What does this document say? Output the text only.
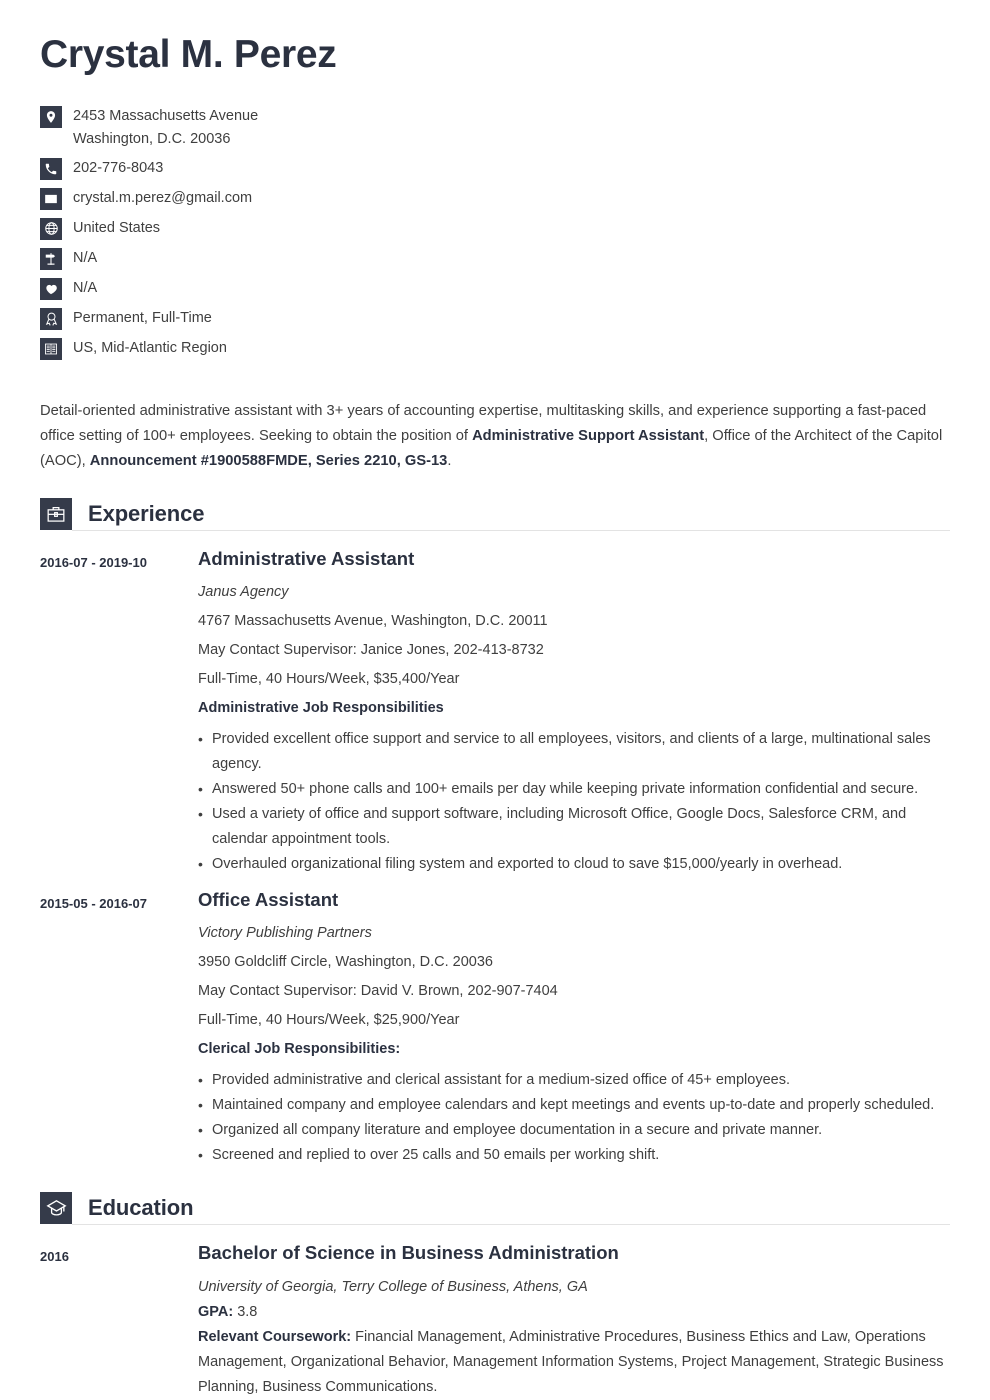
Crystal M. Perez
2453 Massachusetts Avenue
Washington, D.C. 20036
202-776-8043
crystal.m.perez@gmail.com
United States
N/A
N/A
Permanent, Full-Time
US, Mid-Atlantic Region

Detail-oriented administrative assistant with 3+ years of accounting expertise, multitasking skills, and experience supporting a fast-paced office setting of 100+ employees. Seeking to obtain the position of Administrative Support Assistant, Office of the Architect of the Capitol (AOC), Announcement #1900588FMDE, Series 2210, GS-13.

Experience
2016-07 - 2019-10	Administrative Assistant
Janus Agency
4767 Massachusetts Avenue, Washington, D.C. 20011
May Contact Supervisor: Janice Jones, 202-413-8732
Full-Time, 40 Hours/Week, $35,400/Year
Administrative Job Responsibilities
• Provided excellent office support and service to all employees, visitors, and clients of a large, multinational sales agency.
• Answered 50+ phone calls and 100+ emails per day while keeping private information confidential and secure.
• Used a variety of office and support software, including Microsoft Office, Google Docs, Salesforce CRM, and calendar appointment tools.
• Overhauled organizational filing system and exported to cloud to save $15,000/yearly in overhead.
2015-05 - 2016-07	Office Assistant
Victory Publishing Partners
3950 Goldcliff Circle, Washington, D.C. 20036
May Contact Supervisor: David V. Brown, 202-907-7404
Full-Time, 40 Hours/Week, $25,900/Year
Clerical Job Responsibilities:
• Provided administrative and clerical assistant for a medium-sized office of 45+ employees.
• Maintained company and employee calendars and kept meetings and events up-to-date and properly scheduled.
• Organized all company literature and employee documentation in a secure and private manner.
• Screened and replied to over 25 calls and 50 emails per working shift.
Education
2016	Bachelor of Science in Business Administration
University of Georgia, Terry College of Business, Athens, GA
GPA: 3.8
Relevant Coursework: Financial Management, Administrative Procedures, Business Ethics and Law, Operations Management, Organizational Behavior, Management Information Systems, Project Management, Strategic Business Planning, Business Communications.
